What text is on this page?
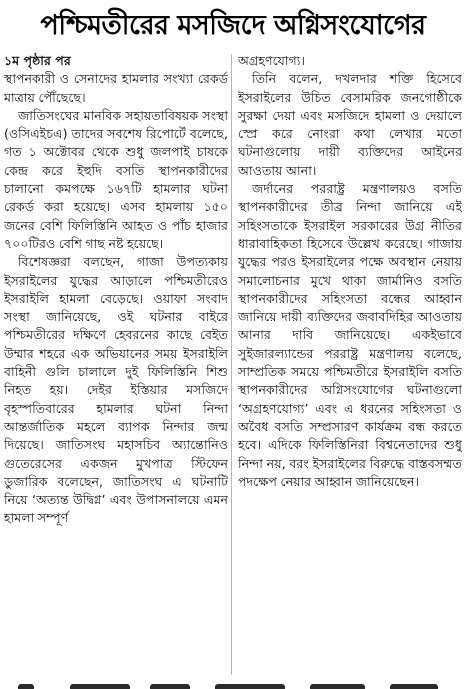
পশ্চিমতীরের মসজিদে অগ্নিসংযোগের

১ম পৃষ্ঠার পর

স্থাপনকারী ও সেনাদের হামলার সংখ্যা রেকর্ড মাত্রায় পৌঁছেছে।

জাতিসংঘের মানবিক সহায়তাবিষয়ক সংস্থা (ওসিএইচএ) তাদের সবশেষ রিপোর্টে বলেছে, গত ১ অক্টোবর থেকে শুধু জলপাই চাষকে কেন্দ্র করে ইহুদি বসতি স্থাপনকারীদের চালানো কমপক্ষে ১৬৭টি হামলার ঘটনা রেকর্ড করা হয়েছে। এসব হামলায় ১৫০ জনের বেশি ফিলিস্তিনি আহত ও পাঁচ হাজার ৭০০টিরও বেশি গাছ নষ্ট হয়েছে।

বিশেষজ্ঞরা বলছেন, গাজা উপত্যকায় ইসরাইলের যুদ্ধের আড়ালে পশ্চিমতীরেও ইসরাইলি হামলা বেড়েছে। ওয়াফা সংবাদ সংস্থা জানিয়েছে, ওই ঘটনার বাইরে পশ্চিমতীরের দক্ষিণে হেবরনের কাছে বেইত উম্মার শহরে এক অভিযানের সময় ইসরাইলি বাহিনী গুলি চালালে দুই ফিলিস্তিনি শিশু নিহত হয়। দেইর ইস্তিয়ার মসজিদে বৃহস্পতিবারের হামলার ঘটনা নিন্দা আন্তর্জাতিক মহলে ব্যাপক নিন্দার জন্ম দিয়েছে। জাতিসংঘ মহাসচিব অ্যান্তোনিও গুতেরেসের একজন মুখপাত্র স্টিফেন ডুজারিক বলেছেন, জাতিসংঘ এ ঘটনাটি নিয়ে ‘অত্যন্ত উদ্বিগ্ন’ এবং উপাসনালয়ে এমন হামলা সম্পূর্ণ

অগ্রহণযোগ্য।

তিনি বলেন, দখলদার শক্তি হিসেবে ইসরাইলের উচিত বেসামরিক জনগোষ্ঠীকে সুরক্ষা দেয়া এবং মসজিদে হামলা ও দেয়ালে স্প্রে করে নোংরা কথা লেখার মতো ঘটনাগুলোয় দায়ী ব্যক্তিদের আইনের আওতায় আনা।

জর্দানের পররাষ্ট্র মন্ত্রণালয়ও বসতি স্থাপনকারীদের তীব্র নিন্দা জানিয়ে এই সহিংসতাকে ইসরাইল সরকারের উগ্র নীতির ধারাবাহিকতা হিসেবে উল্লেখ করেছে। গাজায় যুদ্ধের পরও ইসরাইলের পক্ষে অবস্থান নেয়ায় সমালোচনার মুখে থাকা জার্মানিও বসতি স্থাপনকারীদের সহিংসতা বন্ধের আহ্বান জানিয়ে দায়ী ব্যক্তিদের জবাবদিহির আওতায় আনার দাবি জানিয়েছে। একইভাবে সুইজারল্যান্ডের পররাষ্ট্র মন্ত্রণালয় বলেছে, সাম্প্রতিক সময়ে পশ্চিমতীরে ইসরাইলি বসতি স্থাপনকারীদের অগ্নিসংযোগের ঘটনাগুলো ‘অগ্রহণযোগ্য’ এবং এ ধরনের সহিংসতা ও অবৈধ বসতি সম্প্রসারণ কার্যক্রম বন্ধ করতে হবে। এদিকে ফিলিস্তিনিরা বিশ্বনেতাদের শুধু নিন্দা নয়, বরং ইসরাইলের বিরুদ্ধে বাস্তবসম্মত পদক্ষেপ নেয়ার আহ্বান জানিয়েছেন।
